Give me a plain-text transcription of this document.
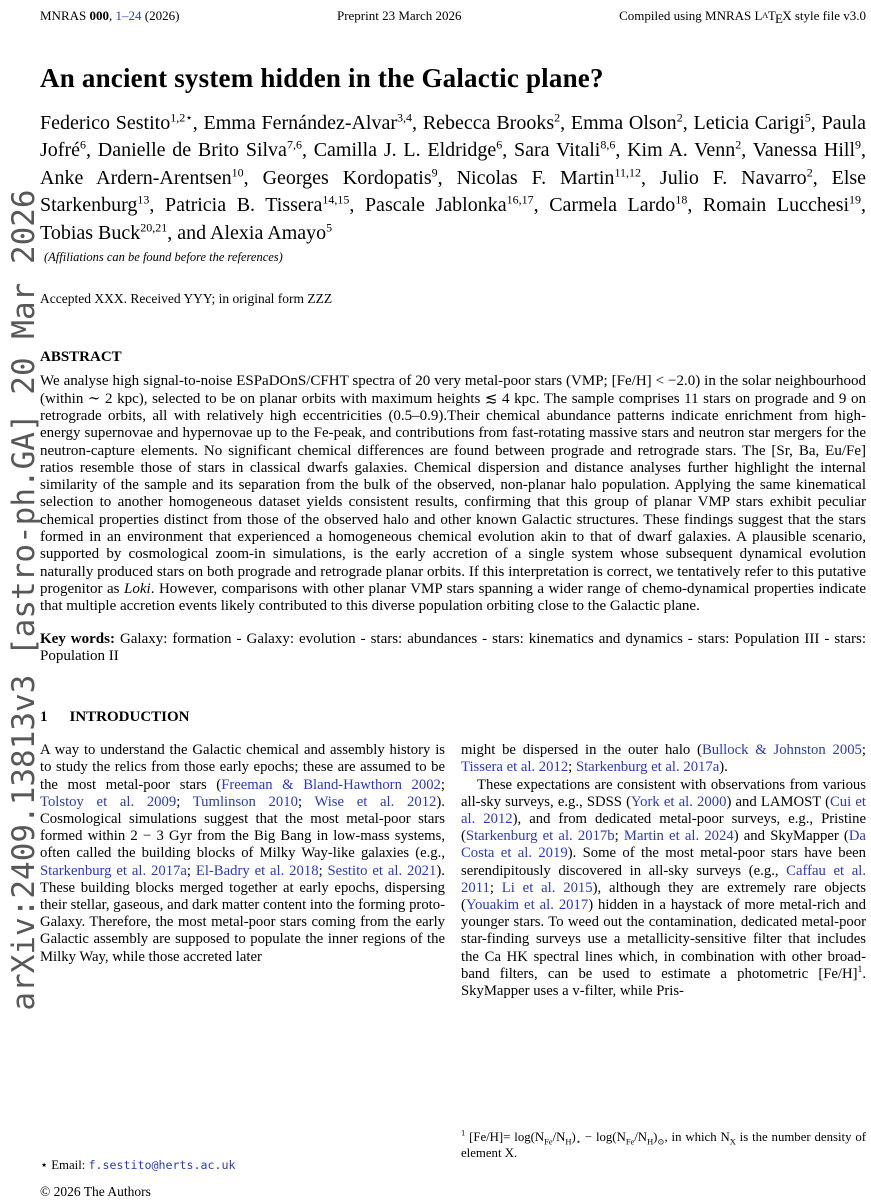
arXiv:2409.13813v3 [astro-ph.GA] 20 Mar 2026
MNRAS 000, 1–24 (2026)	Preprint 23 March 2026	Compiled using MNRAS LATEX style file v3.0
An ancient system hidden in the Galactic plane?

Federico Sestito$^{1,2⋆}$, Emma Fernández-Alvar$^{3,4}$, Rebecca Brooks$^2$, Emma Olson$^2$, Leticia Carigi$^5$, Paula Jofré$^6$, Danielle de Brito Silva$^{7,6}$, Camilla J. L. Eldridge$^6$, Sara Vitali$^{8,6}$, Kim A. Venn$^2$, Vanessa Hill$^9$, Anke Ardern-Arentsen$^{10}$, Georges Kordopatis$^9$, Nicolas F. Martin$^{11,12}$, Julio F. Navarro$^2$, Else Starkenburg$^{13}$, Patricia B. Tissera$^{14,15}$, Pascale Jablonka$^{16,17}$, Carmela Lardo$^{18}$, Romain Lucchesi$^{19}$, Tobias Buck$^{20,21}$, and Alexia Amayo$^5$

(Affiliations can be found before the references)

Accepted XXX. Received YYY; in original form ZZZ

ABSTRACT

We analyse high signal-to-noise ESPaDOnS/CFHT spectra of 20 very metal-poor stars (VMP; [Fe/H] < −2.0) in the solar neighbourhood (within ∼ 2 kpc), selected to be on planar orbits with maximum heights ≲ 4 kpc. The sample comprises 11 stars on prograde and 9 on retrograde orbits, all with relatively high eccentricities (0.5–0.9).Their chemical abundance patterns indicate enrichment from high-energy supernovae and hypernovae up to the Fe-peak, and contributions from fast-rotating massive stars and neutron star mergers for the neutron-capture elements. No significant chemical differences are found between prograde and retrograde stars. The [Sr, Ba, Eu/Fe] ratios resemble those of stars in classical dwarfs galaxies. Chemical dispersion and distance analyses further highlight the internal similarity of the sample and its separation from the bulk of the observed, non-planar halo population. Applying the same kinematical selection to another homogeneous dataset yields consistent results, confirming that this group of planar VMP stars exhibit peculiar chemical properties distinct from those of the observed halo and other known Galactic structures. These findings suggest that the stars formed in an environment that experienced a homogeneous chemical evolution akin to that of dwarf galaxies. A plausible scenario, supported by cosmological zoom-in simulations, is the early accretion of a single system whose subsequent dynamical evolution naturally produced stars on both prograde and retrograde planar orbits. If this interpretation is correct, we tentatively refer to this putative progenitor as Loki. However, comparisons with other planar VMP stars spanning a wider range of chemo-dynamical properties indicate that multiple accretion events likely contributed to this diverse population orbiting close to the Galactic plane.

Key words: Galaxy: formation - Galaxy: evolution - stars: abundances - stars: kinematics and dynamics - stars: Population III - stars: Population II

1 INTRODUCTION

A way to understand the Galactic chemical and assembly history is to study the relics from those early epochs; these are assumed to be the most metal-poor stars (Freeman & Bland-Hawthorn 2002; Tolstoy et al. 2009; Tumlinson 2010; Wise et al. 2012). Cosmological simulations suggest that the most metal-poor stars formed within 2 − 3 Gyr from the Big Bang in low-mass systems, often called the building blocks of Milky Way-like galaxies (e.g., Starkenburg et al. 2017a; El-Badry et al. 2018; Sestito et al. 2021). These building blocks merged together at early epochs, dispersing their stellar, gaseous, and dark matter content into the forming proto-Galaxy. Therefore, the most metal-poor stars coming from the early Galactic assembly are supposed to populate the inner regions of the Milky Way, while those accreted later

might be dispersed in the outer halo (Bullock & Johnston 2005; Tissera et al. 2012; Starkenburg et al. 2017a).

These expectations are consistent with observations from various all-sky surveys, e.g., SDSS (York et al. 2000) and LAMOST (Cui et al. 2012), and from dedicated metal-poor surveys, e.g., Pristine (Starkenburg et al. 2017b; Martin et al. 2024) and SkyMapper (Da Costa et al. 2019). Some of the most metal-poor stars have been serendipitously discovered in all-sky surveys (e.g., Caffau et al. 2011; Li et al. 2015), although they are extremely rare objects (Youakim et al. 2017) hidden in a haystack of more metal-rich and younger stars. To weed out the contamination, dedicated metal-poor star-finding surveys use a metallicity-sensitive filter that includes the Ca HK spectral lines which, in combination with other broad-band filters, can be used to estimate a photometric $[Fe/H]^1$. SkyMapper uses a v-filter, while Pris-

⋆ Email: f.sestito@herts.ac.uk
$^1$ $[Fe/H]= \log(N_{Fe}/N_H)_⋆ - \log(N_{Fe}/N_H)_⊙$, in which $N_X$ is the number density of element X.
© 2026 The Authors
